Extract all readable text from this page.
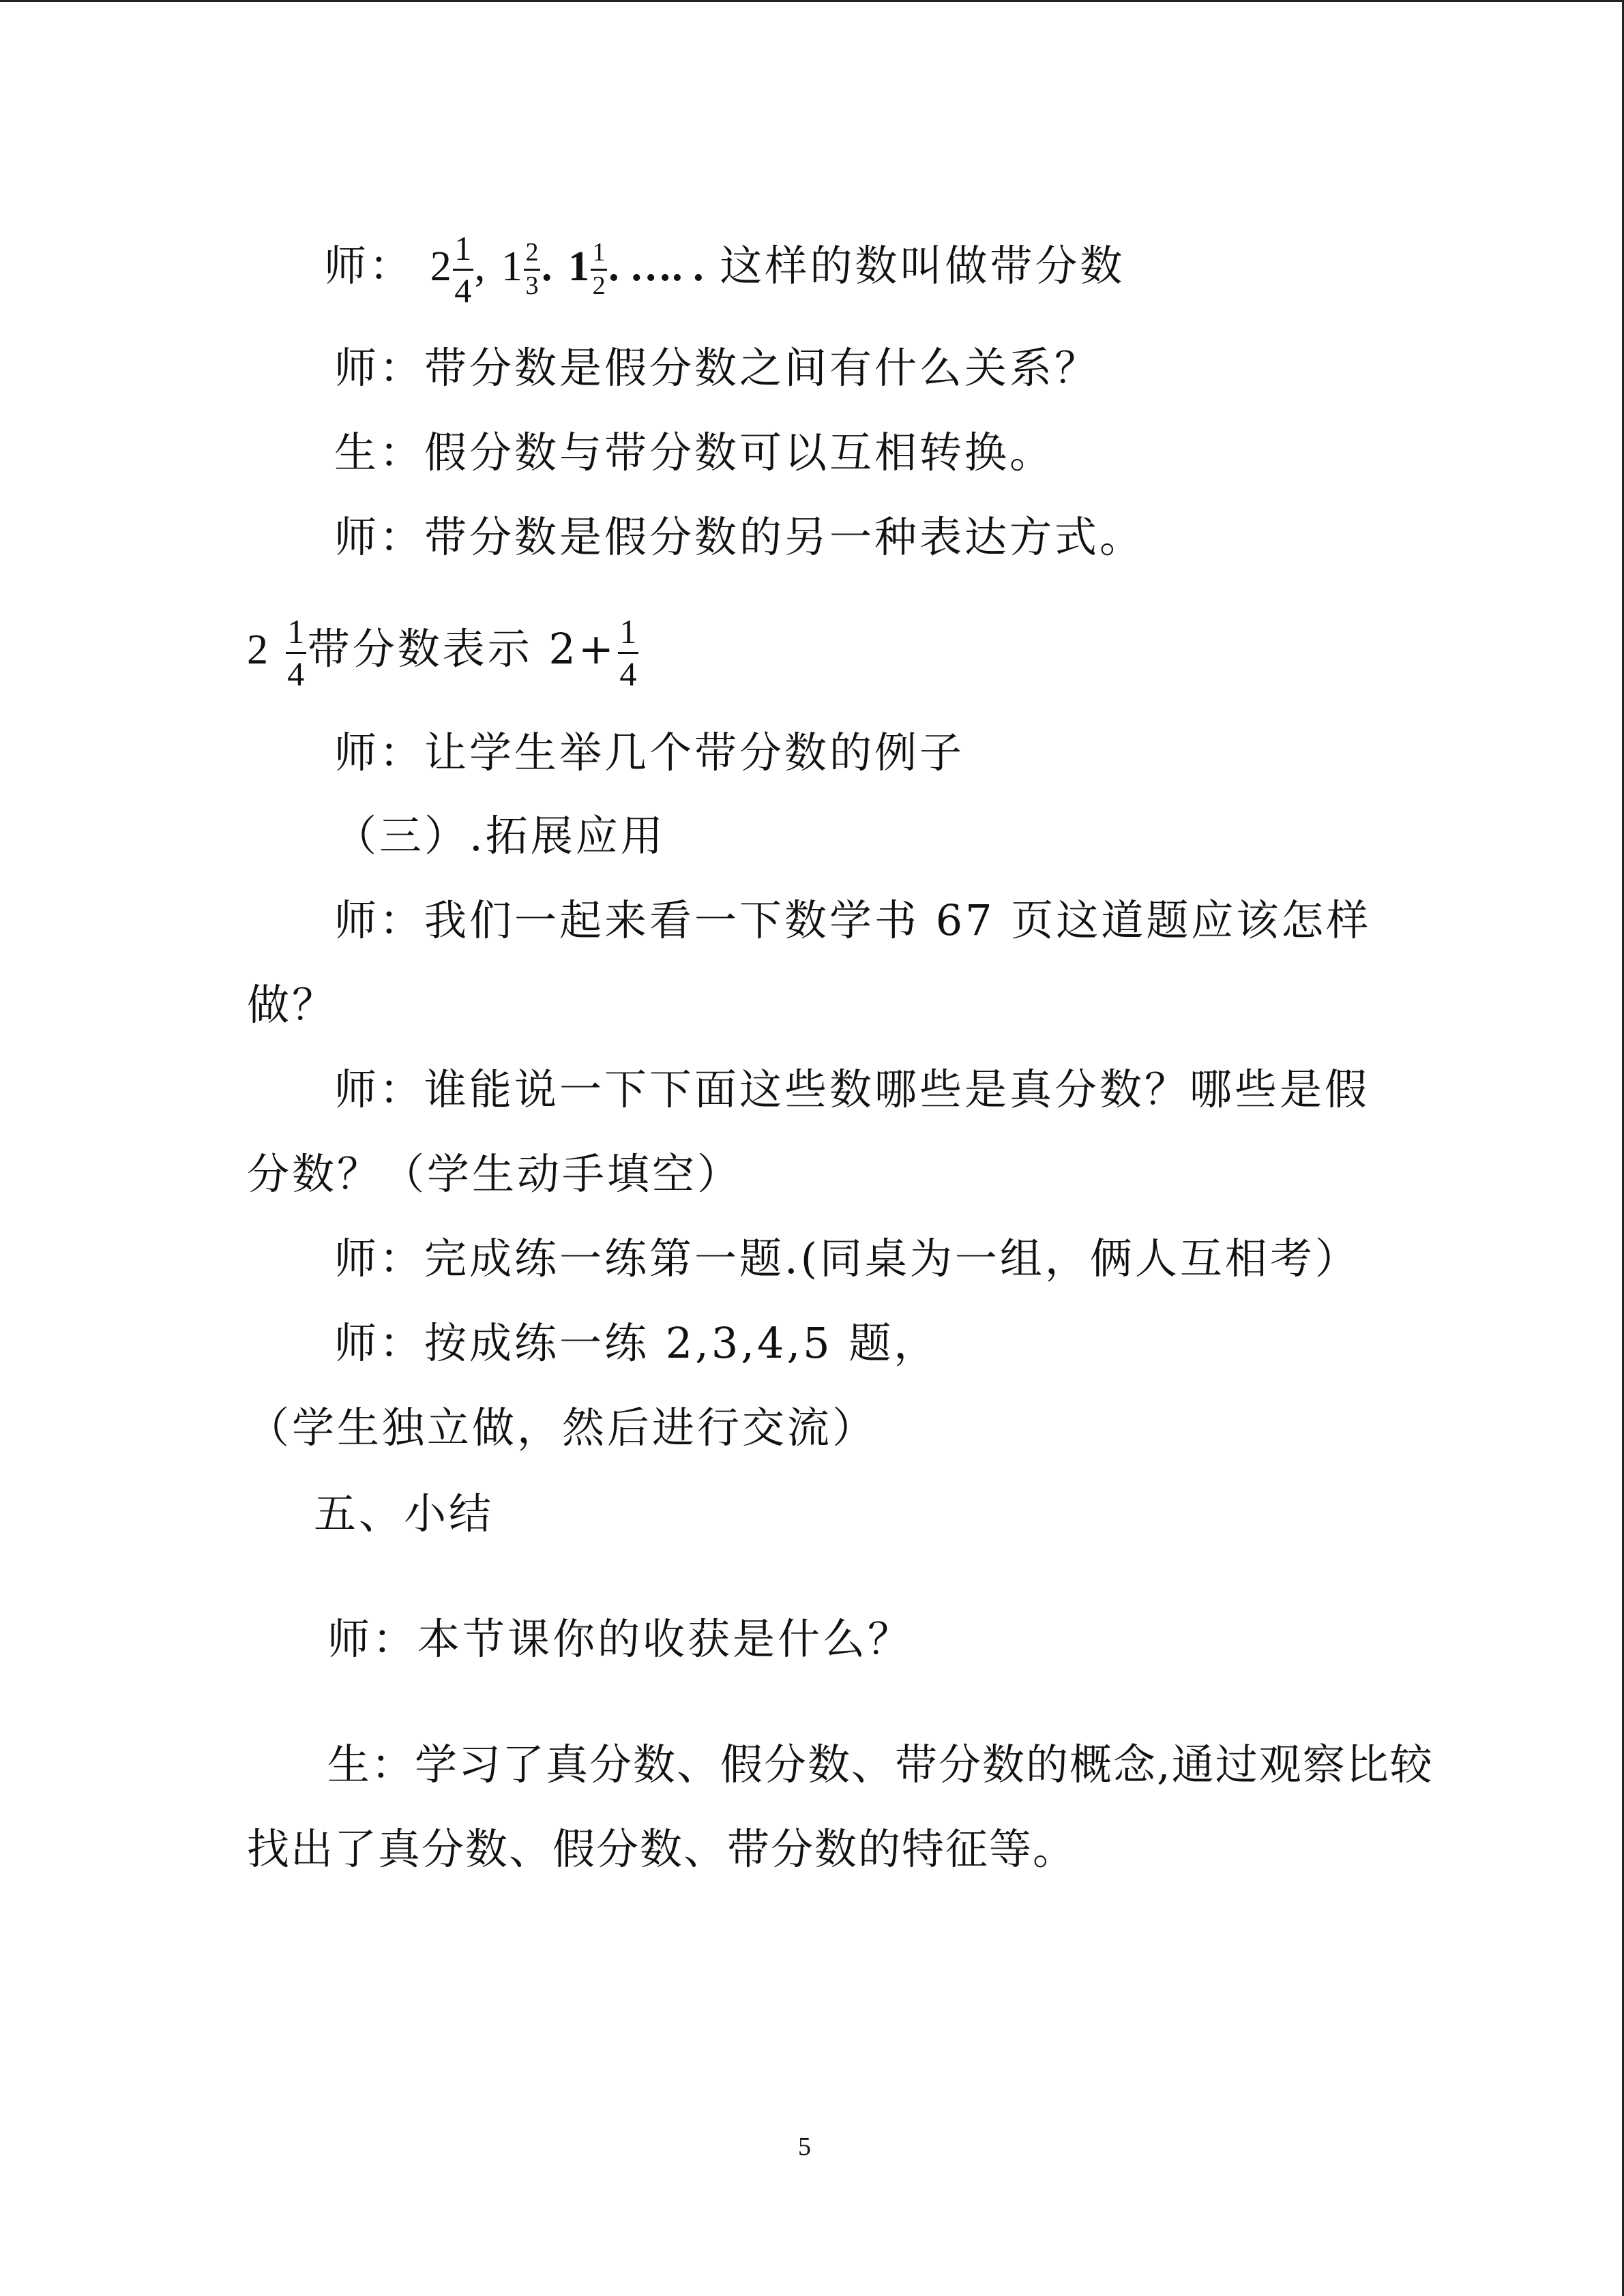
师： $2 \frac{1}{4}$ , $1 \frac{2}{3}$ . $1 \frac{1}{2}$ . …. . 这样的数叫做带分数
师：带分数是假分数之间有什么关系？
生：假分数与带分数可以互相转换。
师：带分数是假分数的另一种表达方式。
$2 \frac{1}{4}$ 带分数表示 $2+ \frac{1}{4}$
师：让学生举几个带分数的例子
（三）.拓展应用
师：我们一起来看一下数学书 67 页这道题应该怎样
做？
师：谁能说一下下面这些数哪些是真分数？哪些是假
分数？（学生动手填空）
师：完成练一练第一题.(同桌为一组，俩人互相考）
师：按成练一练 2,3,4,5 题，
（学生独立做，然后进行交流）
五、小结
师：本节课你的收获是什么？
生：学习了真分数、假分数、带分数的概念,通过观察比较
找出了真分数、假分数、带分数的特征等。
5
